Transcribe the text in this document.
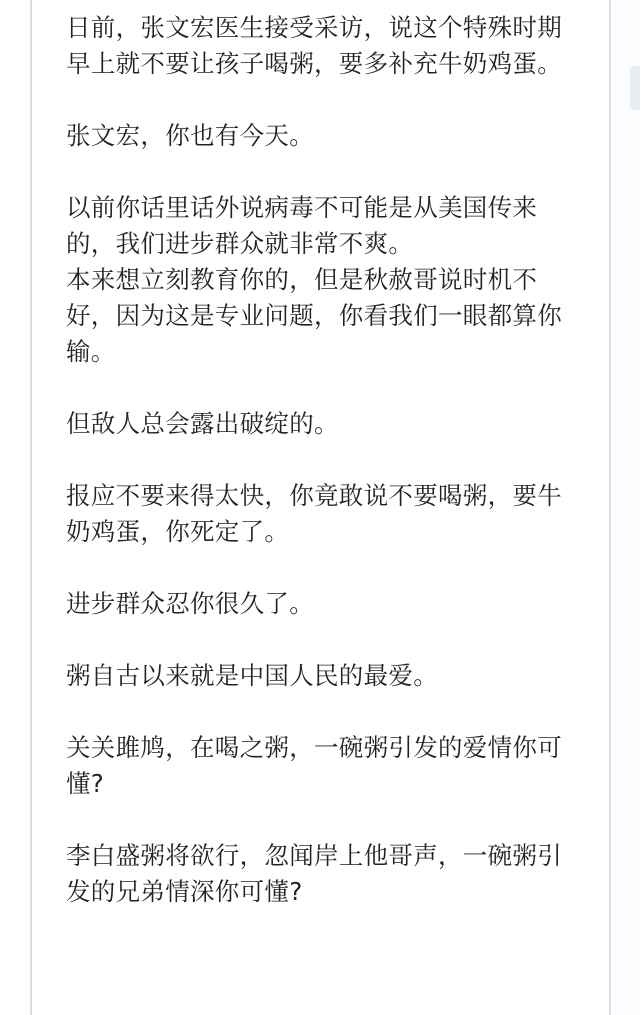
日前，张文宏医生接受采访，说这个特殊时期早上就不要让孩子喝粥，要多补充牛奶鸡蛋。

张文宏，你也有今天。

以前你话里话外说病毒不可能是从美国传来的，我们进步群众就非常不爽。

本来想立刻教育你的，但是秋赦哥说时机不好，因为这是专业问题，你看我们一眼都算你输。

但敌人总会露出破绽的。

报应不要来得太快，你竟敢说不要喝粥，要牛奶鸡蛋，你死定了。

进步群众忍你很久了。

粥自古以来就是中国人民的最爱。

关关雎鸠，在喝之粥，一碗粥引发的爱情你可懂?

李白盛粥将欲行，忽闻岸上他哥声，一碗粥引发的兄弟情深你可懂?
